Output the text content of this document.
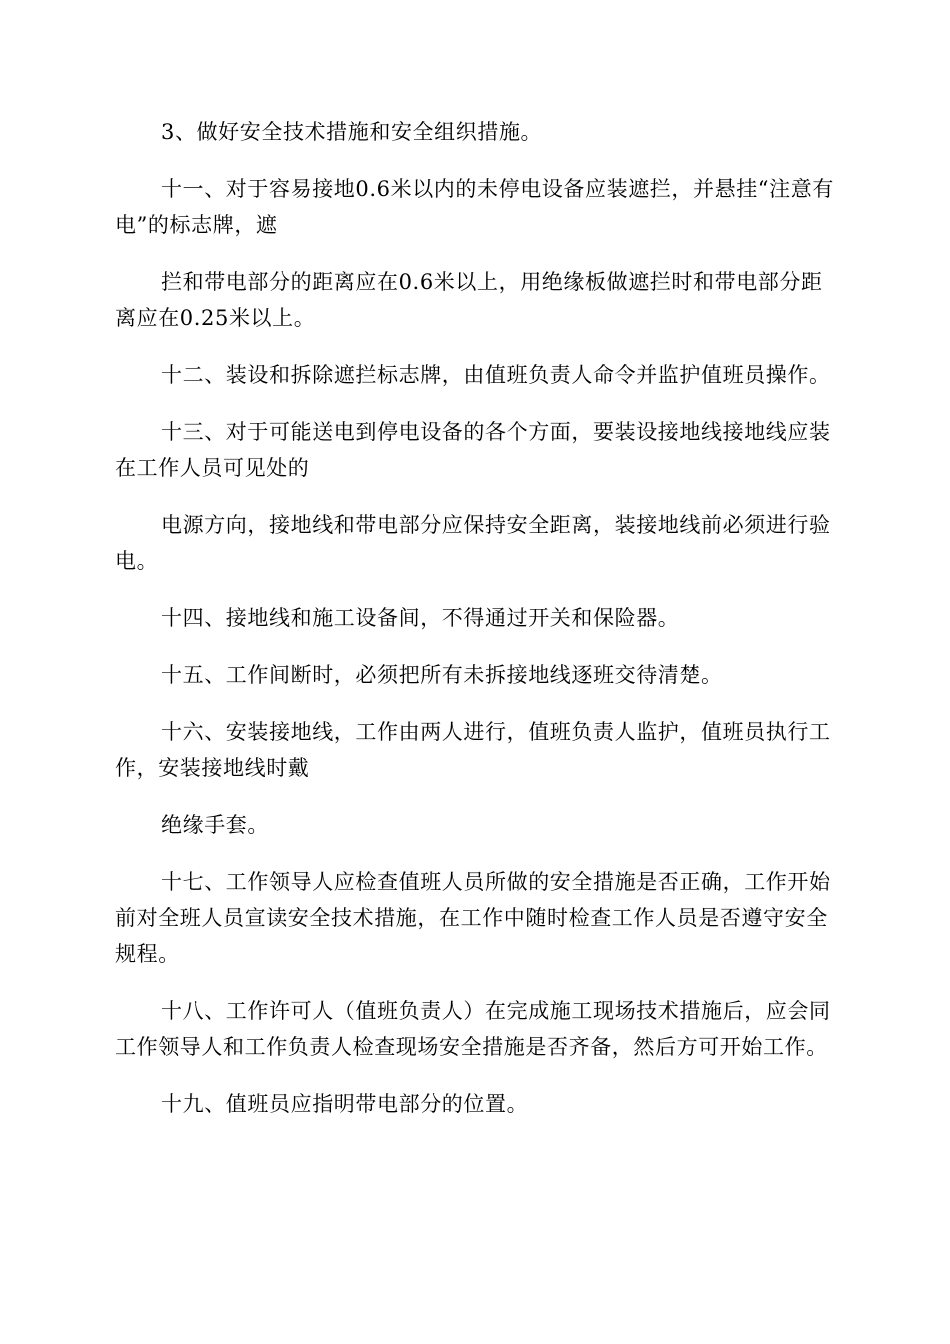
3、做好安全技术措施和安全组织措施。

十一、对于容易接地0.6米以内的未停电设备应装遮拦，并悬挂“注意有电”的标志牌，遮

拦和带电部分的距离应在0.6米以上，用绝缘板做遮拦时和带电部分距离应在0.25米以上。

十二、装设和拆除遮拦标志牌，由值班负责人命令并监护值班员操作。

十三、对于可能送电到停电设备的各个方面，要装设接地线接地线应装在工作人员可见处的

电源方向，接地线和带电部分应保持安全距离，装接地线前必须进行验电。

十四、接地线和施工设备间，不得通过开关和保险器。

十五、工作间断时，必须把所有未拆接地线逐班交待清楚。

十六、安装接地线，工作由两人进行，值班负责人监护，值班员执行工作，安装接地线时戴

绝缘手套。

十七、工作领导人应检查值班人员所做的安全措施是否正确，工作开始前对全班人员宣读安全技术措施，在工作中随时检查工作人员是否遵守安全规程。

十八、工作许可人（值班负责人）在完成施工现场技术措施后，应会同工作领导人和工作负责人检查现场安全措施是否齐备，然后方可开始工作。

十九、值班员应指明带电部分的位置。
